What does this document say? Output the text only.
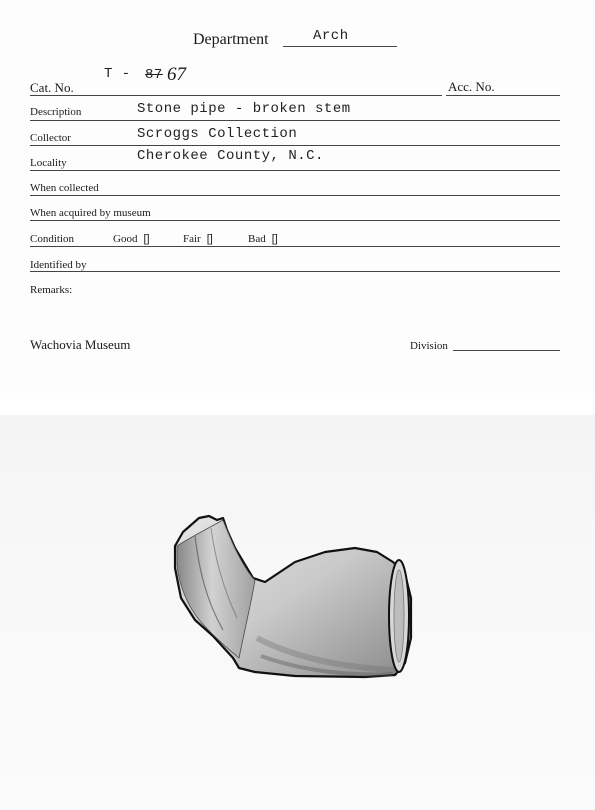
Department	Arch
Cat. No.
T - 87 67
Acc. No.
Description	Stone pipe - broken stem
Collector	Scroggs Collection
Locality	Cherokee County, N.C.
When collected
When acquired by museum
Condition	Good []	Fair []	Bad []
Identified by
Remarks:
Wachovia Museum	Division
